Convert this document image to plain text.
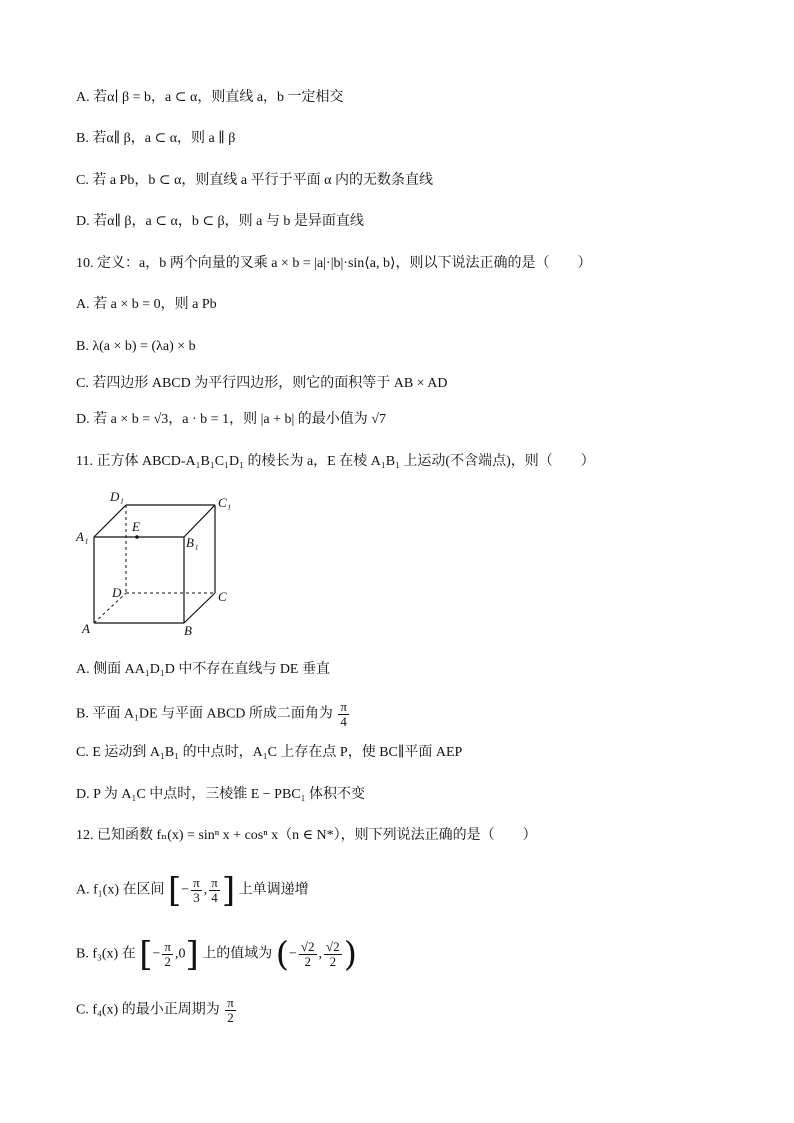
A. 若α∣ β = b，a ⊂ α，则直线 a，b 一定相交
B. 若α∥ β，a ⊂ α，则 a ∥ β
C. 若 a Ρb，b ⊂ α，则直线 a 平行于平面 α 内的无数条直线
D. 若α∥ β，a ⊂ α，b ⊂ β，则 a 与 b 是异面直线
10. 定义：a，b 两个向量的叉乘 a × b = |a|·|b|·sin⟨a, b⟩，则以下说法正确的是（　　）
A. 若 a × b = 0，则 a Ρb
B. λ(a × b) = (λa) × b
C. 若四边形 ABCD 为平行四边形，则它的面积等于 AB × AD
D. 若 a × b = √3，a · b = 1，则 |a + b| 的最小值为 √7
11. 正方体 ABCD-A₁B₁C₁D₁ 的棱长为 a，E 在棱 A₁B₁ 上运动(不含端点)，则（　　）
D₁	C₁
A₁	B₁
E
D	C
A	B
A. 侧面 AA₁D₁D 中不存在直线与 DE 垂直
B. 平面 A₁DE 与平面 ABCD 所成二面角为 $\frac{\pi}{4}$
C. E 运动到 A₁B₁ 的中点时，A₁C 上存在点 P，使 BC∥平面 AEP
D. P 为 A₁C 中点时，三棱锥 E − PBC₁ 体积不变
12. 已知函数 fₙ(x) = sinⁿ x + cosⁿ x（n ∈ N*），则下列说法正确的是（　　）
A. f₁(x) 在区间 [− $\frac{\pi}{3}$ , $\frac{\pi}{4}$ ] 上单调递增
B. f₃(x) 在 [− $\frac{\pi}{2} ,0$] 上的值域为 (− $\frac{√2}{2}$ , $\frac{√2}{2}$ )
C. f₄(x) 的最小正周期为 $\frac{\pi}{2}$
